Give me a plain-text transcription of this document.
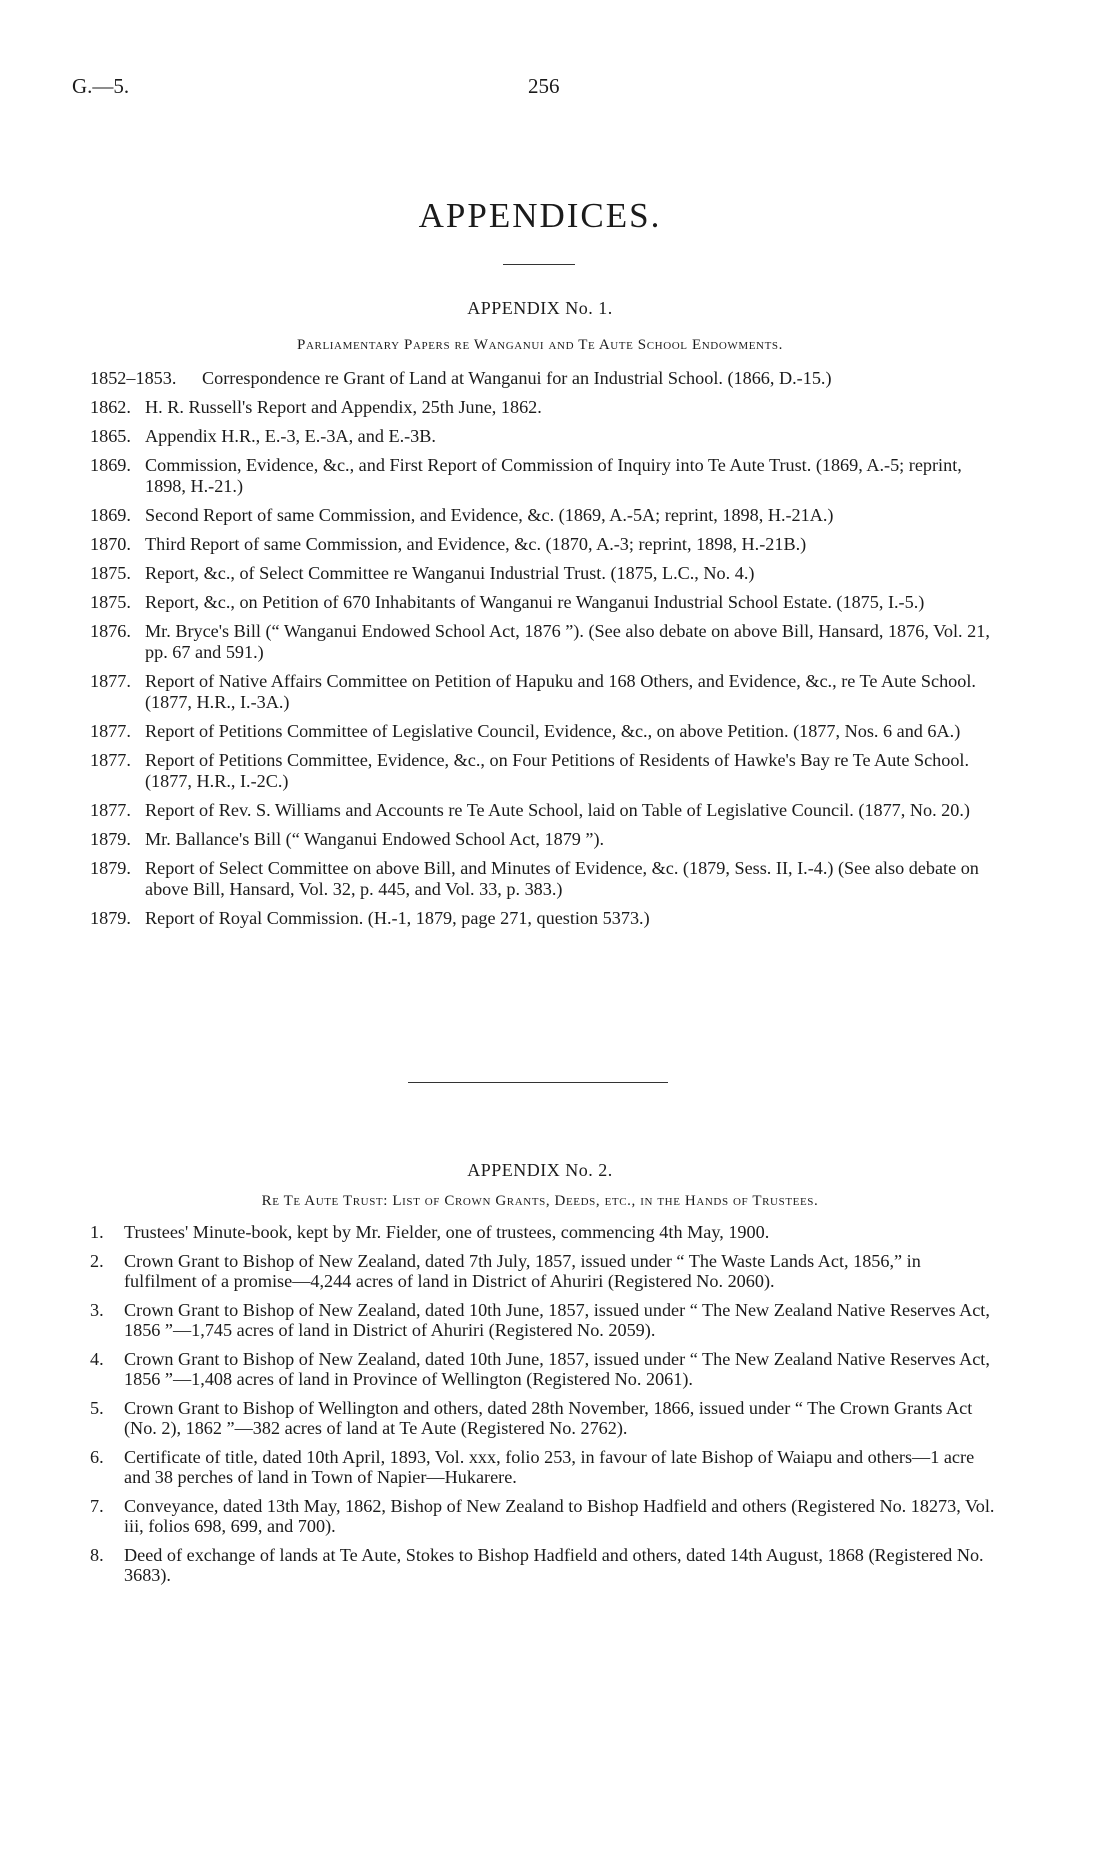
G.—5.	256
APPENDICES.
APPENDIX No. 1.
Parliamentary Papers re Wanganui and Te Aute School Endowments.
1852–1853. Correspondence re Grant of Land at Wanganui for an Industrial School. (1866, D.-15.)
1862. H. R. Russell's Report and Appendix, 25th June, 1862.
1865. Appendix H.R., E.-3, E.-3A, and E.-3B.
1869. Commission, Evidence, &c., and First Report of Commission of Inquiry into Te Aute Trust. (1869, A.-5; reprint, 1898, H.-21.)
1869. Second Report of same Commission, and Evidence, &c. (1869, A.-5A; reprint, 1898, H.-21A.)
1870. Third Report of same Commission, and Evidence, &c. (1870, A.-3; reprint, 1898, H.-21B.)
1875. Report, &c., of Select Committee re Wanganui Industrial Trust. (1875, L.C., No. 4.)
1875. Report, &c., on Petition of 670 Inhabitants of Wanganui re Wanganui Industrial School Estate. (1875, I.-5.)
1876. Mr. Bryce's Bill (“ Wanganui Endowed School Act, 1876 ”). (See also debate on above Bill, Hansard, 1876, Vol. 21, pp. 67 and 591.)
1877. Report of Native Affairs Committee on Petition of Hapuku and 168 Others, and Evidence, &c., re Te Aute School. (1877, H.R., I.-3A.)
1877. Report of Petitions Committee of Legislative Council, Evidence, &c., on above Petition. (1877, Nos. 6 and 6A.)
1877. Report of Petitions Committee, Evidence, &c., on Four Petitions of Residents of Hawke's Bay re Te Aute School. (1877, H.R., I.-2C.)
1877. Report of Rev. S. Williams and Accounts re Te Aute School, laid on Table of Legislative Council. (1877, No. 20.)
1879. Mr. Ballance's Bill (“ Wanganui Endowed School Act, 1879 ”).
1879. Report of Select Committee on above Bill, and Minutes of Evidence, &c. (1879, Sess. II, I.-4.) (See also debate on above Bill, Hansard, Vol. 32, p. 445, and Vol. 33, p. 383.)
1879. Report of Royal Commission. (H.-1, 1879, page 271, question 5373.)
APPENDIX No. 2.
Re Te Aute Trust: List of Crown Grants, Deeds, etc., in the Hands of Trustees.
1. Trustees' Minute-book, kept by Mr. Fielder, one of trustees, commencing 4th May, 1900.
2. Crown Grant to Bishop of New Zealand, dated 7th July, 1857, issued under “ The Waste Lands Act, 1856,” in fulfilment of a promise—4,244 acres of land in District of Ahuriri (Registered No. 2060).
3. Crown Grant to Bishop of New Zealand, dated 10th June, 1857, issued under “ The New Zealand Native Reserves Act, 1856 ”—1,745 acres of land in District of Ahuriri (Registered No. 2059).
4. Crown Grant to Bishop of New Zealand, dated 10th June, 1857, issued under “ The New Zealand Native Reserves Act, 1856 ”—1,408 acres of land in Province of Wellington (Registered No. 2061).
5. Crown Grant to Bishop of Wellington and others, dated 28th November, 1866, issued under “ The Crown Grants Act (No. 2), 1862 ”—382 acres of land at Te Aute (Registered No. 2762).
6. Certificate of title, dated 10th April, 1893, Vol. xxx, folio 253, in favour of late Bishop of Waiapu and others—1 acre and 38 perches of land in Town of Napier—Hukarere.
7. Conveyance, dated 13th May, 1862, Bishop of New Zealand to Bishop Hadfield and others (Registered No. 18273, Vol. iii, folios 698, 699, and 700).
8. Deed of exchange of lands at Te Aute, Stokes to Bishop Hadfield and others, dated 14th August, 1868 (Registered No. 3683).
